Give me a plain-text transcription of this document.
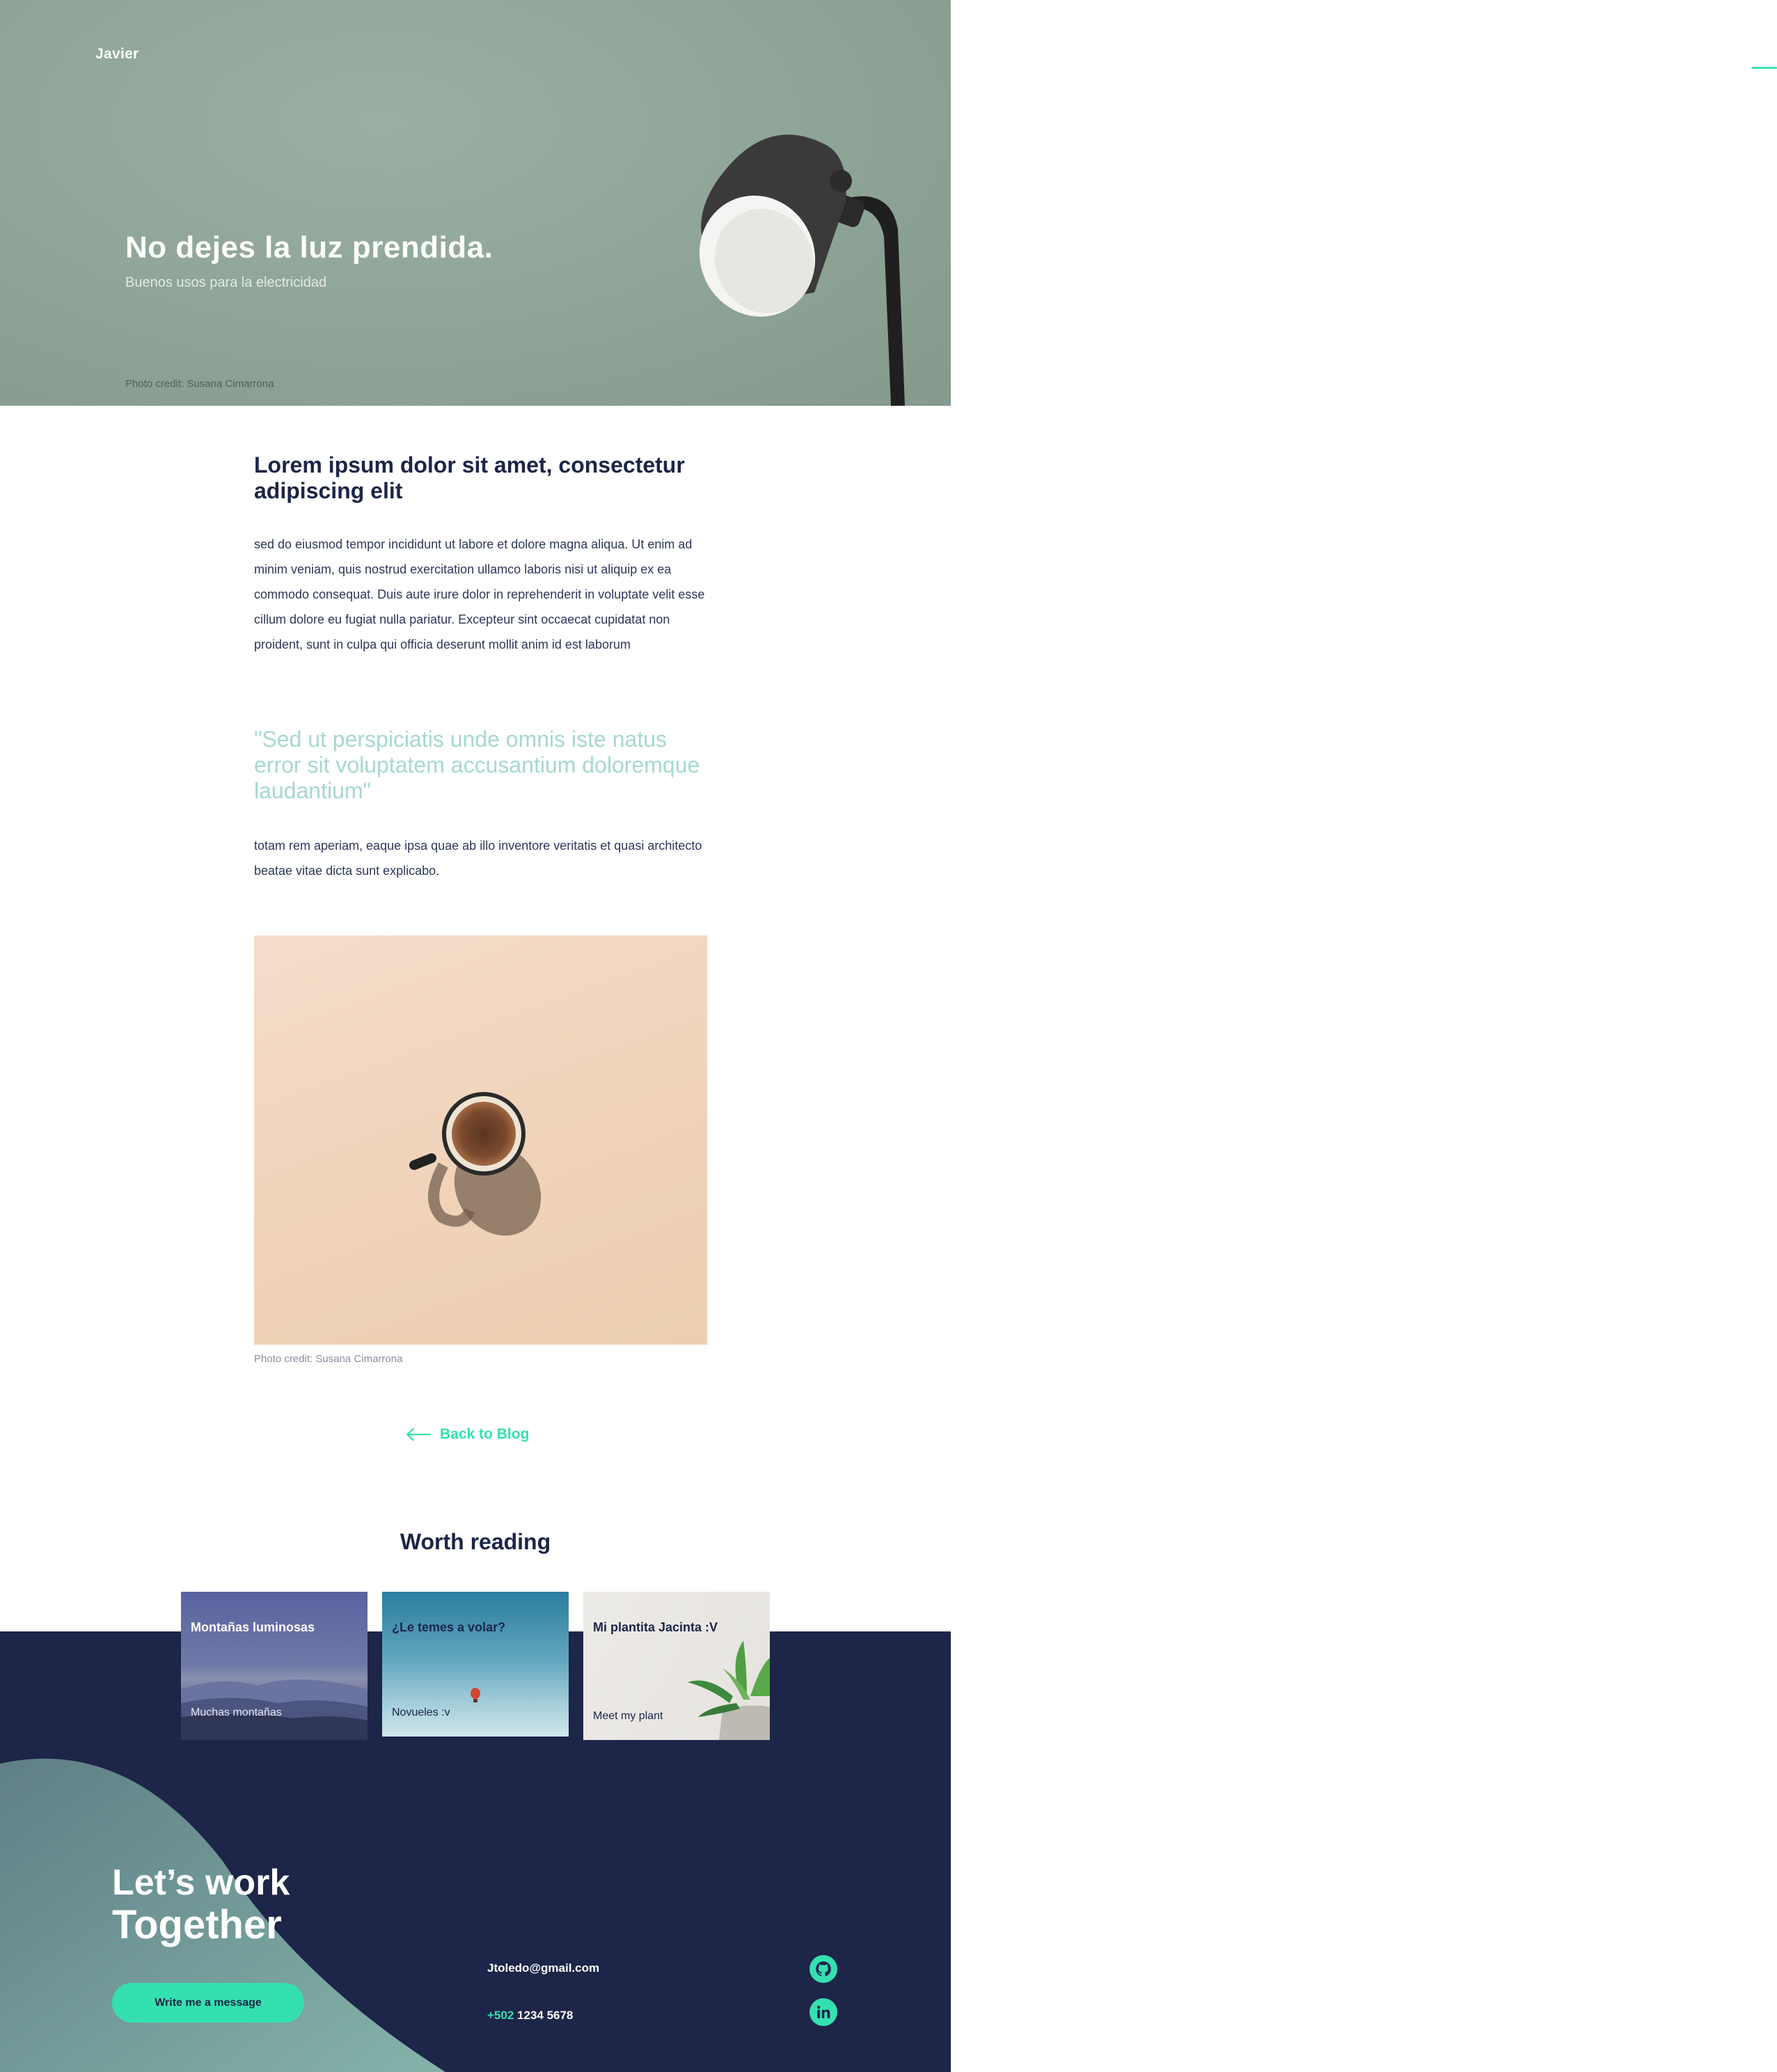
Javier	Projects	Blog
No dejes la luz prendida.
Buenos usos para la electricidad
Photo credit: Susana Cimarrona
Lorem ipsum dolor sit amet, consectetur adipiscing elit

sed do eiusmod tempor incididunt ut labore et dolore magna aliqua. Ut enim ad minim veniam, quis nostrud exercitation ullamco laboris nisi ut aliquip ex ea commodo consequat. Duis aute irure dolor in reprehenderit in voluptate velit esse cillum dolore eu fugiat nulla pariatur. Excepteur sint occaecat cupidatat non proident, sunt in culpa qui officia deserunt mollit anim id est laborum

"Sed ut perspiciatis unde omnis iste natus error sit voluptatem accusantium doloremque laudantium"

totam rem aperiam, eaque ipsa quae ab illo inventore veritatis et quasi architecto beatae vitae dicta sunt explicabo.

Photo credit: Susana Cimarrona
Back to Blog
Worth reading
Montañas luminosas
Muchas montañas
¿Le temes a volar?
Novueles :v
Mi plantita Jacinta :V
Meet my plant
Let’s work
Together
Write me a message
Jtoledo@gmail.com
+502 1234 5678
